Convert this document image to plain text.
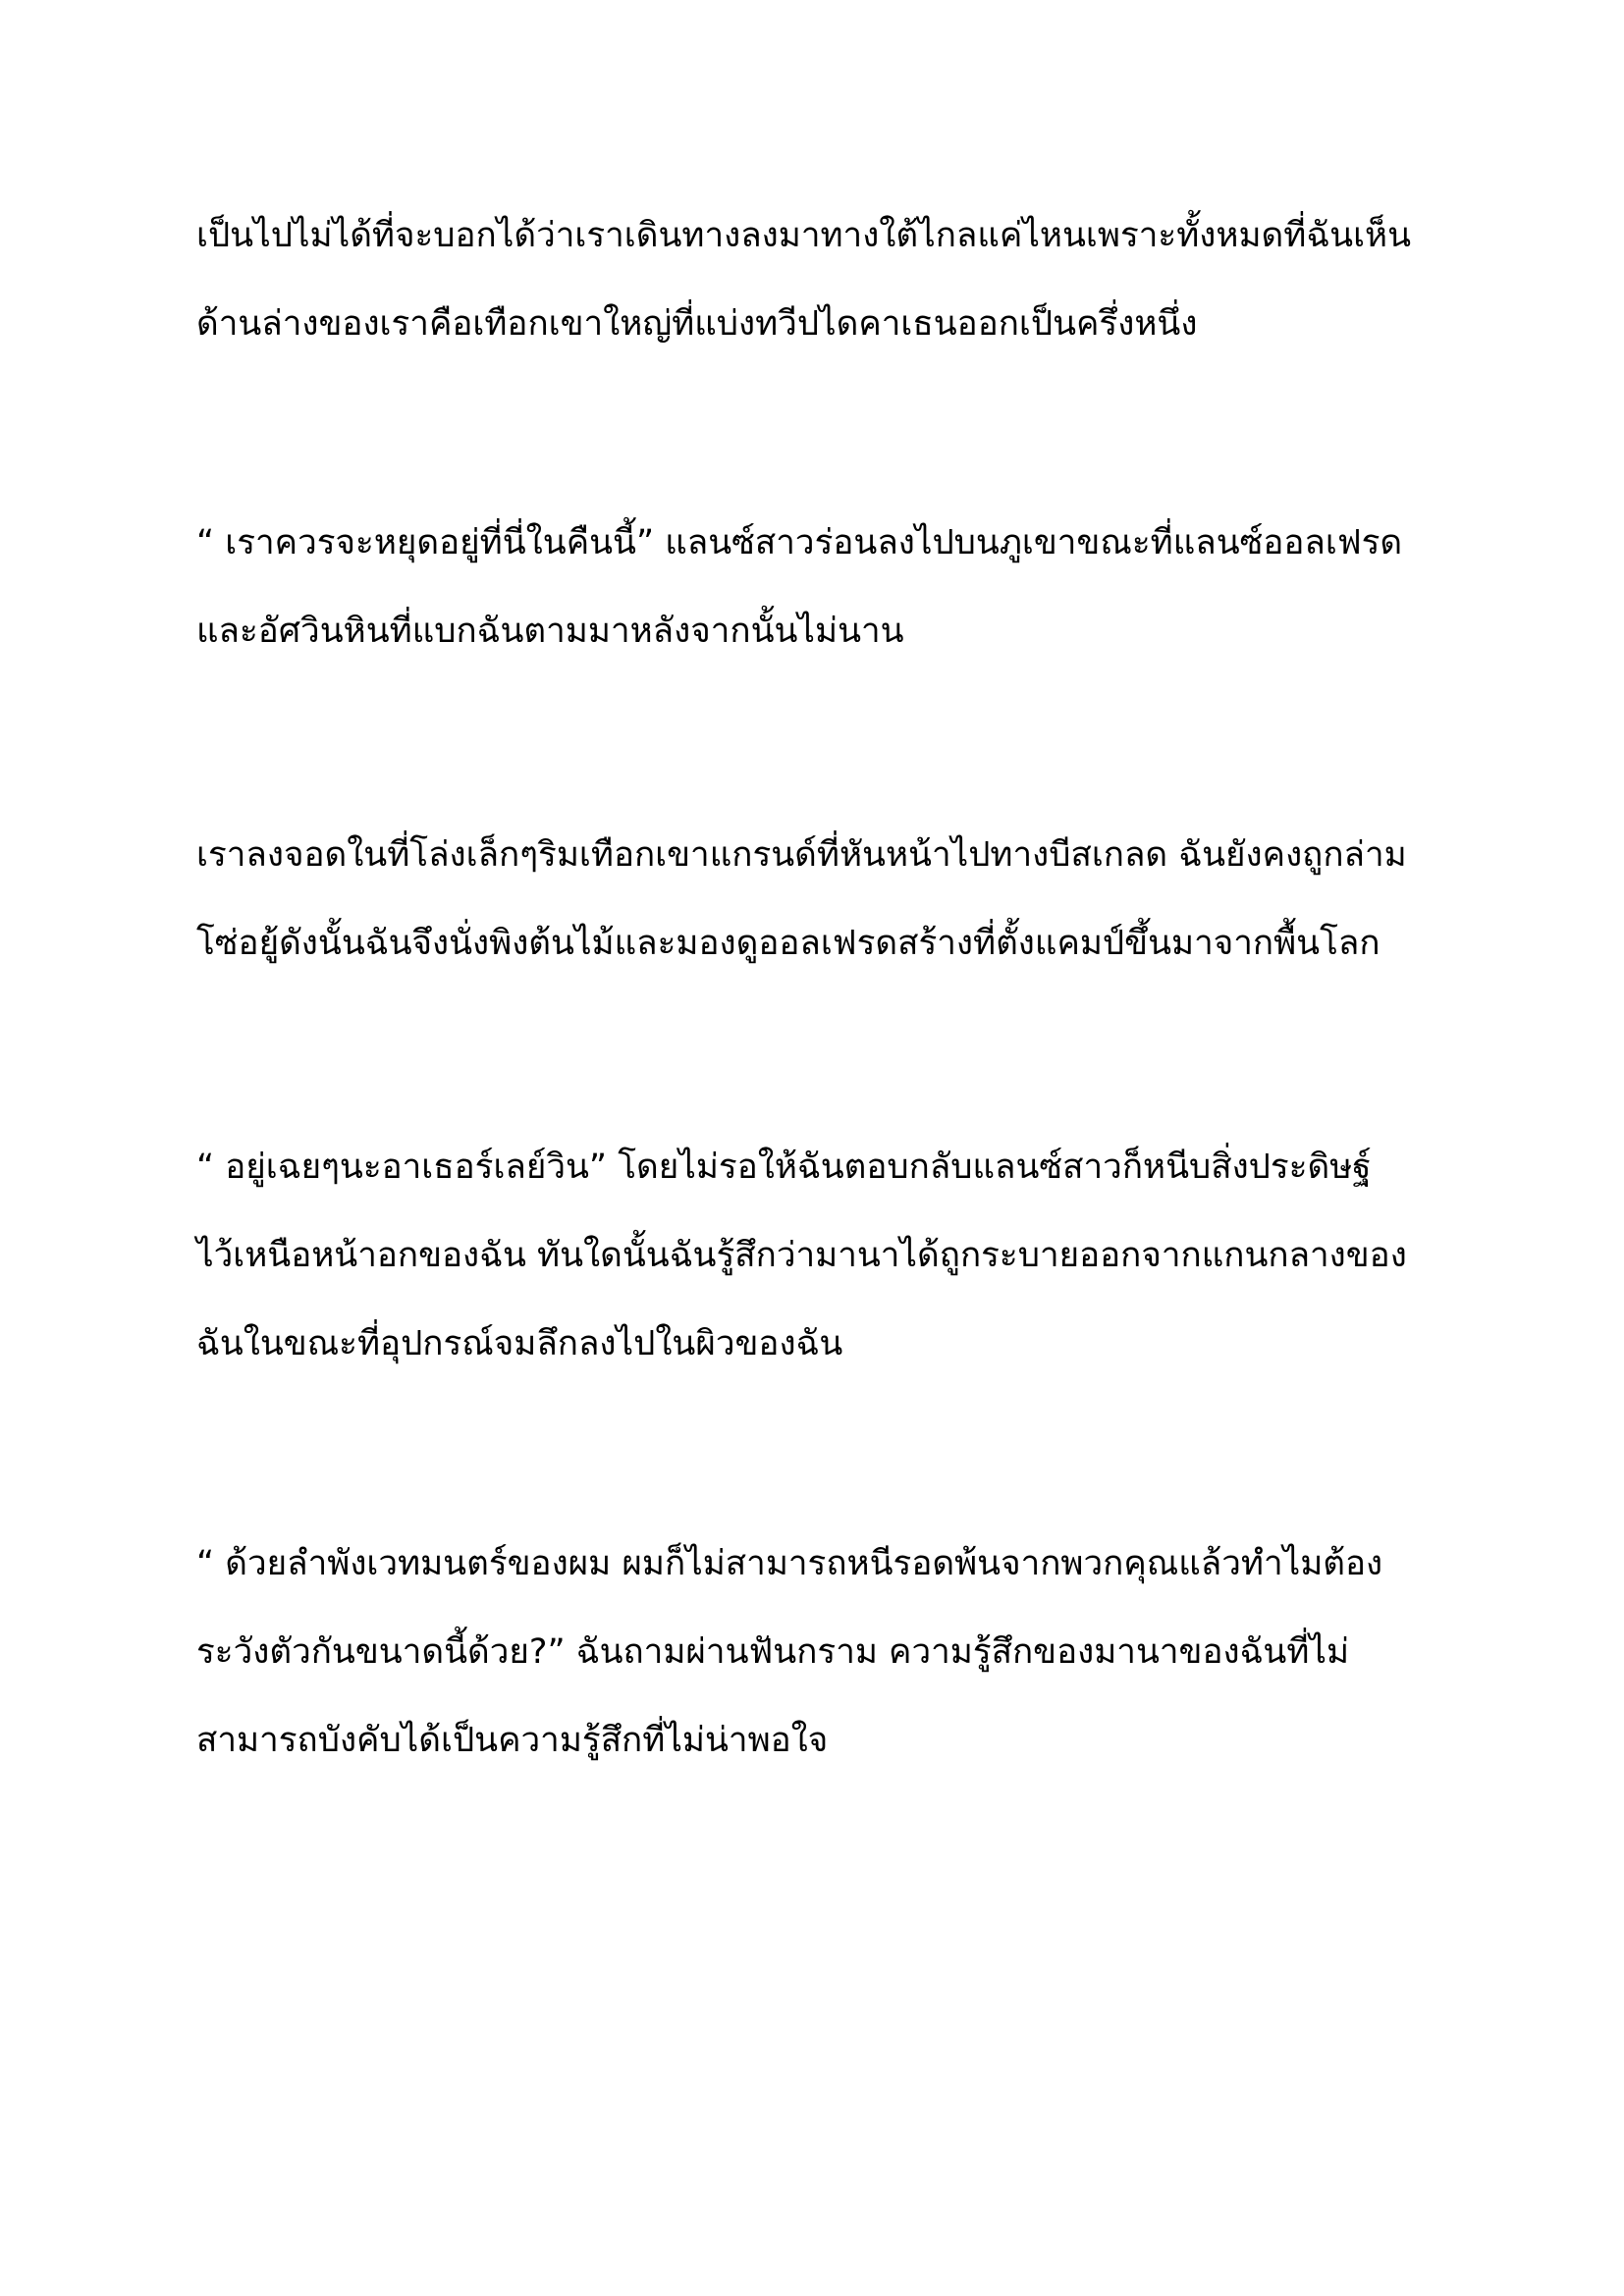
เป็นไปไม่ได้ที่จะบอกได้ว่าเราเดินทางลงมาทางใต้ไกลแค่ไหนเพราะทั้งหมดที่ฉันเห็น
ด้านล่างของเราคือเทือกเขาใหญ่ที่แบ่งทวีปไดคาเธนออกเป็นครึ่งหนึ่ง
“ เราควรจะหยุดอยู่ที่นี่ในคืนนี้” แลนซ์สาวร่อนลงไปบนภูเขาขณะที่แลนซ์ออลเฟรด
และอัศวินหินที่แบกฉันตามมาหลังจากนั้นไม่นาน
เราลงจอดในที่โล่งเล็กๆริมเทือกเขาแกรนด์ที่หันหน้าไปทางบีสเกลด ฉันยังคงถูกล่าม
โซ่อยู้ดังนั้นฉันจึงนั่งพิงต้นไม้และมองดูออลเฟรดสร้างที่ตั้งแคมป์ขึ้นมาจากพื้นโลก
“ อยู่เฉยๆนะอาเธอร์เลย์วิน” โดยไม่รอให้ฉันตอบกลับแลนซ์สาวก็หนีบสิ่งประดิษฐ์
ไว้เหนือหน้าอกของฉัน ทันใดนั้นฉันรู้สึกว่ามานาได้ถูกระบายออกจากแกนกลางของ
ฉันในขณะที่อุปกรณ์จมลึกลงไปในผิวของฉัน
“ ด้วยลำพังเวทมนตร์ของผม ผมก็ไม่สามารถหนีรอดพ้นจากพวกคุณแล้วทำไมต้อง
ระวังตัวกันขนาดนี้ด้วย?” ฉันถามผ่านฟันกราม ความรู้สึกของมานาของฉันที่ไม่
สามารถบังคับได้เป็นความรู้สึกที่ไม่น่าพอใจ
